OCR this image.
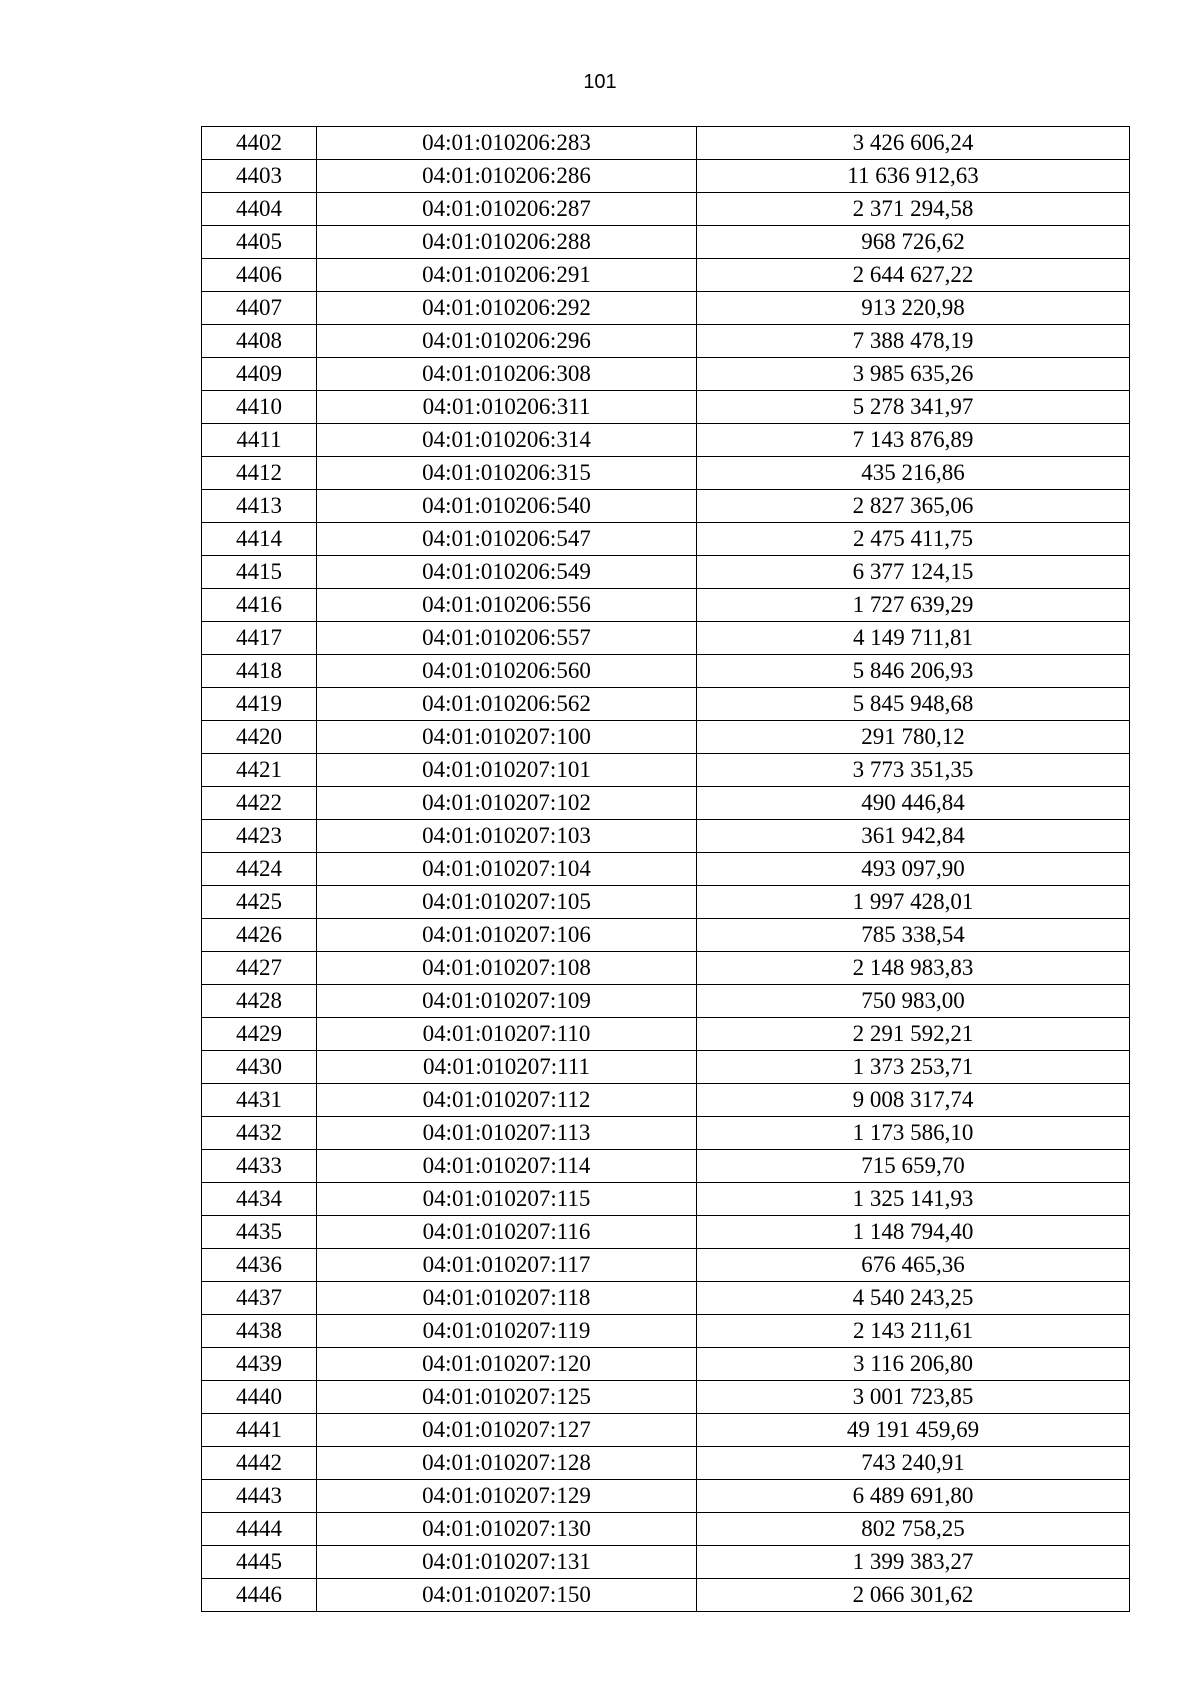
101
4402	04:01:010206:283	3 426 606,24
4403	04:01:010206:286	11 636 912,63
4404	04:01:010206:287	2 371 294,58
4405	04:01:010206:288	968 726,62
4406	04:01:010206:291	2 644 627,22
4407	04:01:010206:292	913 220,98
4408	04:01:010206:296	7 388 478,19
4409	04:01:010206:308	3 985 635,26
4410	04:01:010206:311	5 278 341,97
4411	04:01:010206:314	7 143 876,89
4412	04:01:010206:315	435 216,86
4413	04:01:010206:540	2 827 365,06
4414	04:01:010206:547	2 475 411,75
4415	04:01:010206:549	6 377 124,15
4416	04:01:010206:556	1 727 639,29
4417	04:01:010206:557	4 149 711,81
4418	04:01:010206:560	5 846 206,93
4419	04:01:010206:562	5 845 948,68
4420	04:01:010207:100	291 780,12
4421	04:01:010207:101	3 773 351,35
4422	04:01:010207:102	490 446,84
4423	04:01:010207:103	361 942,84
4424	04:01:010207:104	493 097,90
4425	04:01:010207:105	1 997 428,01
4426	04:01:010207:106	785 338,54
4427	04:01:010207:108	2 148 983,83
4428	04:01:010207:109	750 983,00
4429	04:01:010207:110	2 291 592,21
4430	04:01:010207:111	1 373 253,71
4431	04:01:010207:112	9 008 317,74
4432	04:01:010207:113	1 173 586,10
4433	04:01:010207:114	715 659,70
4434	04:01:010207:115	1 325 141,93
4435	04:01:010207:116	1 148 794,40
4436	04:01:010207:117	676 465,36
4437	04:01:010207:118	4 540 243,25
4438	04:01:010207:119	2 143 211,61
4439	04:01:010207:120	3 116 206,80
4440	04:01:010207:125	3 001 723,85
4441	04:01:010207:127	49 191 459,69
4442	04:01:010207:128	743 240,91
4443	04:01:010207:129	6 489 691,80
4444	04:01:010207:130	802 758,25
4445	04:01:010207:131	1 399 383,27
4446	04:01:010207:150	2 066 301,62
